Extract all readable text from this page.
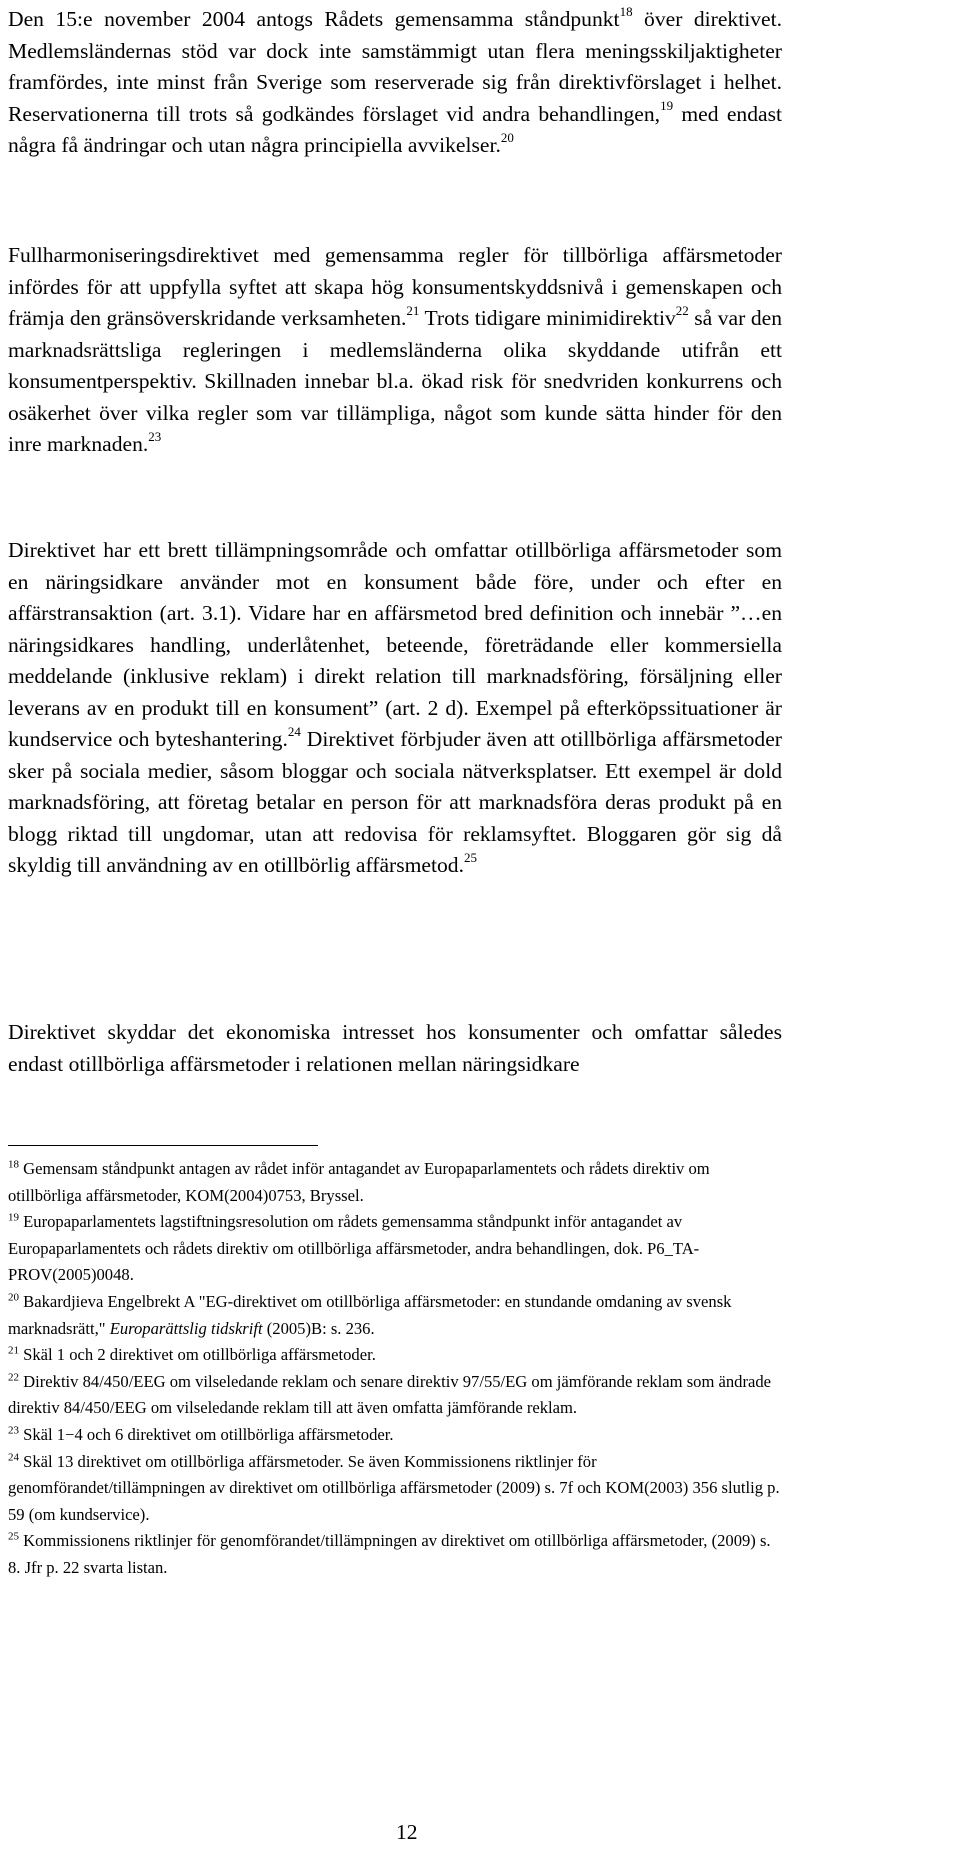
Den 15:e november 2004 antogs Rådets gemensamma ståndpunkt$^{18}$ över direktivet. Medlemsländernas stöd var dock inte samstämmigt utan flera meningsskiljaktigheter framfördes, inte minst från Sverige som reserverade sig från direktivförslaget i helhet. Reservationerna till trots så godkändes förslaget vid andra behandlingen,$^{19}$ med endast några få ändringar och utan några principiella avvikelser.$^{20}$

Fullharmoniseringsdirektivet med gemensamma regler för tillbörliga affärsmetoder infördes för att uppfylla syftet att skapa hög konsumentskyddsnivå i gemenskapen och främja den gränsöverskridande verksamheten.$^{21}$ Trots tidigare minimidirektiv$^{22}$ så var den marknadsrättsliga regleringen i medlemsländerna olika skyddande utifrån ett konsumentperspektiv. Skillnaden innebar bl.a. ökad risk för snedvriden konkurrens och osäkerhet över vilka regler som var tillämpliga, något som kunde sätta hinder för den inre marknaden.$^{23}$

Direktivet har ett brett tillämpningsområde och omfattar otillbörliga affärsmetoder som en näringsidkare använder mot en konsument både före, under och efter en affärstransaktion (art. 3.1). Vidare har en affärsmetod bred definition och innebär ”…en näringsidkares handling, underlåtenhet, beteende, företrädande eller kommersiella meddelande (inklusive reklam) i direkt relation till marknadsföring, försäljning eller leverans av en produkt till en konsument” (art. 2 d). Exempel på efterköpssituationer är kundservice och byteshantering.$^{24}$ Direktivet förbjuder även att otillbörliga affärsmetoder sker på sociala medier, såsom bloggar och sociala nätverksplatser. Ett exempel är dold marknadsföring, att företag betalar en person för att marknadsföra deras produkt på en blogg riktad till ungdomar, utan att redovisa för reklamsyftet. Bloggaren gör sig då skyldig till användning av en otillbörlig affärsmetod.$^{25}$

Direktivet skyddar det ekonomiska intresset hos konsumenter och omfattar således endast otillbörliga affärsmetoder i relationen mellan näringsidkare

$^{18}$ Gemensam ståndpunkt antagen av rådet inför antagandet av Europaparlamentets och rådets direktiv om otillbörliga affärsmetoder, KOM(2004)0753, Bryssel.

$^{19}$ Europaparlamentets lagstiftningsresolution om rådets gemensamma ståndpunkt inför antagandet av Europaparlamentets och rådets direktiv om otillbörliga affärsmetoder, andra behandlingen, dok. P6_TA-PROV(2005)0048.

$^{20}$ Bakardjieva Engelbrekt A "EG-direktivet om otillbörliga affärsmetoder: en stundande omdaning av svensk marknadsrätt," Europarättslig tidskrift (2005)B: s. 236.

$^{21}$ Skäl 1 och 2 direktivet om otillbörliga affärsmetoder.

$^{22}$ Direktiv 84/450/EEG om vilseledande reklam och senare direktiv 97/55/EG om jämförande reklam som ändrade direktiv 84/450/EEG om vilseledande reklam till att även omfatta jämförande reklam.

$^{23}$ Skäl 1−4 och 6 direktivet om otillbörliga affärsmetoder.

$^{24}$ Skäl 13 direktivet om otillbörliga affärsmetoder. Se även Kommissionens riktlinjer för genomförandet/tillämpningen av direktivet om otillbörliga affärsmetoder (2009) s. 7f och KOM(2003) 356 slutlig p. 59 (om kundservice).

$^{25}$ Kommissionens riktlinjer för genomförandet/tillämpningen av direktivet om otillbörliga affärsmetoder, (2009) s. 8. Jfr p. 22 svarta listan.

12
